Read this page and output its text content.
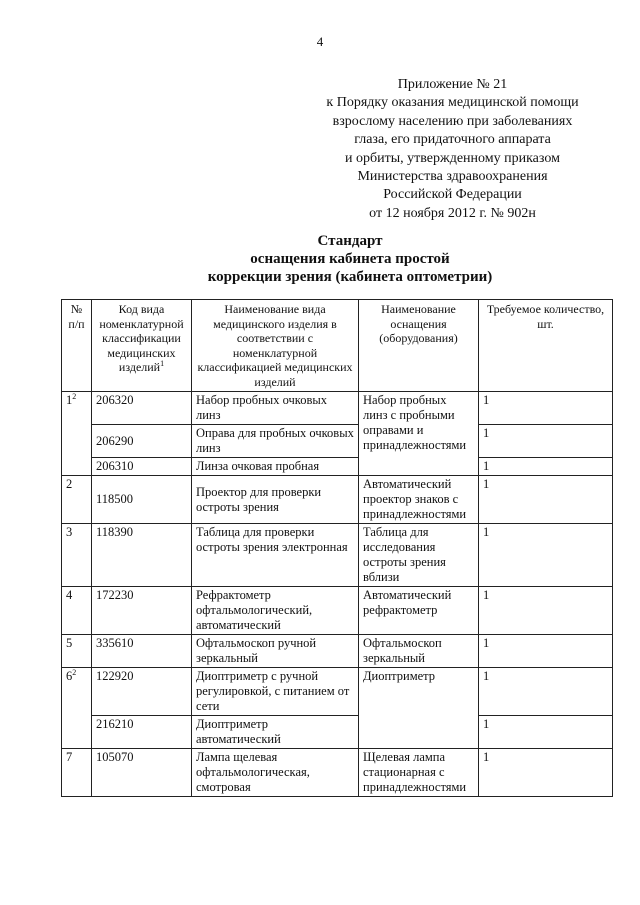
4
Приложение № 21
к Порядку оказания медицинской помощи
взрослому населению при заболеваниях
глаза, его придаточного аппарата
и орбиты, утвержденному приказом
Министерства здравоохранения
Российской Федерации
от 12 ноября 2012 г. № 902н
Стандарт
оснащения кабинета простой
коррекции зрения (кабинета оптометрии)
№ п/п	Код вида номенклатурной классификации медицинских изделий$^1$	Наименование вида медицинского изделия в соответствии с номенклатурной классификацией медицинских изделий	Наименование оснащения (оборудования)	Требуемое количество, шт.
$1^2$	206320	Набор пробных очковых линз	Набор пробных линз с пробными оправами и принадлежностями	1
	206290	Оправа для пробных очковых линз		1
	206310	Линза очковая пробная		1
2	118500	Проектор для проверки остроты зрения	Автоматический проектор знаков с принадлежностями	1
3	118390	Таблица для проверки остроты зрения электронная	Таблица для исследования остроты зрения вблизи	1
4	172230	Рефрактометр офтальмологический, автоматический	Автоматический рефрактометр	1
5	335610	Офтальмоскоп ручной зеркальный	Офтальмоскоп зеркальный	1
$6^2$	122920	Диоптриметр с ручной регулировкой, с питанием от сети	Диоптриметр	1
	216210	Диоптриметр автоматический		1
7	105070	Лампа щелевая офтальмологическая, смотровая	Щелевая лампа стационарная с принадлежностями	1
